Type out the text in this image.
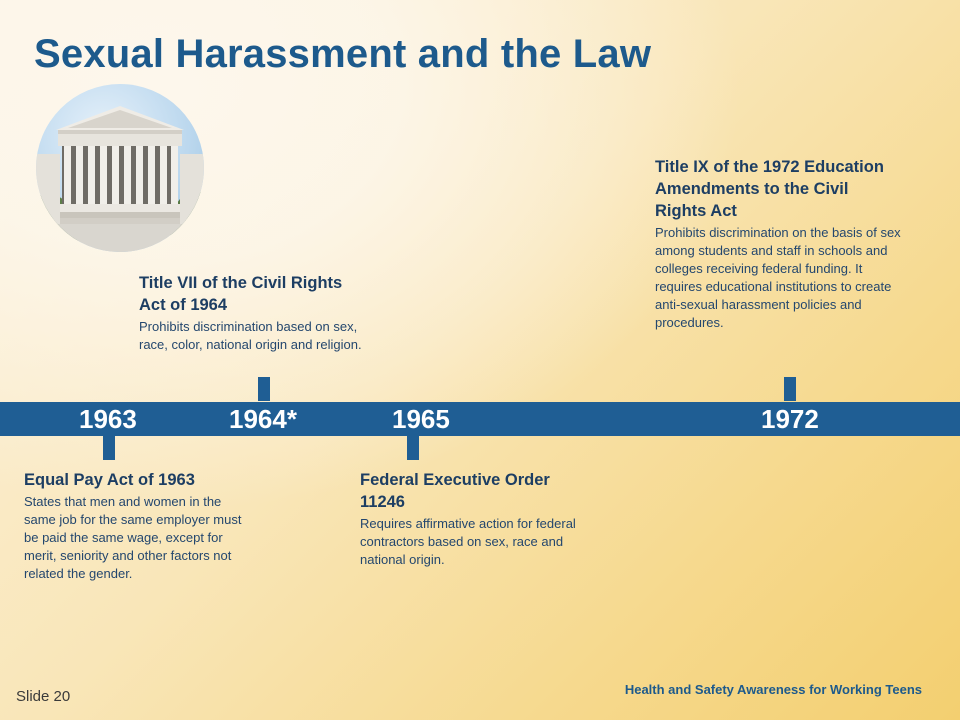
Sexual Harassment and the Law
1963	1964*	1965	1972

Title VII of the Civil Rights Act of 1964

Prohibits discrimination based on sex, race, color, national origin and religion.

Title IX of the 1972 Education Amendments to the Civil Rights Act

Prohibits discrimination on the basis of sex among students and staff in schools and colleges receiving federal funding. It requires educational institutions to create anti-sexual harassment policies and procedures.

Equal Pay Act of 1963

States that men and women in the same job for the same employer must be paid the same wage, except for merit, seniority and other factors not related the gender.

Federal Executive Order 11246

Requires affirmative action for federal contractors based on sex, race and national origin.

Slide 20	Health and Safety Awareness for Working Teens
